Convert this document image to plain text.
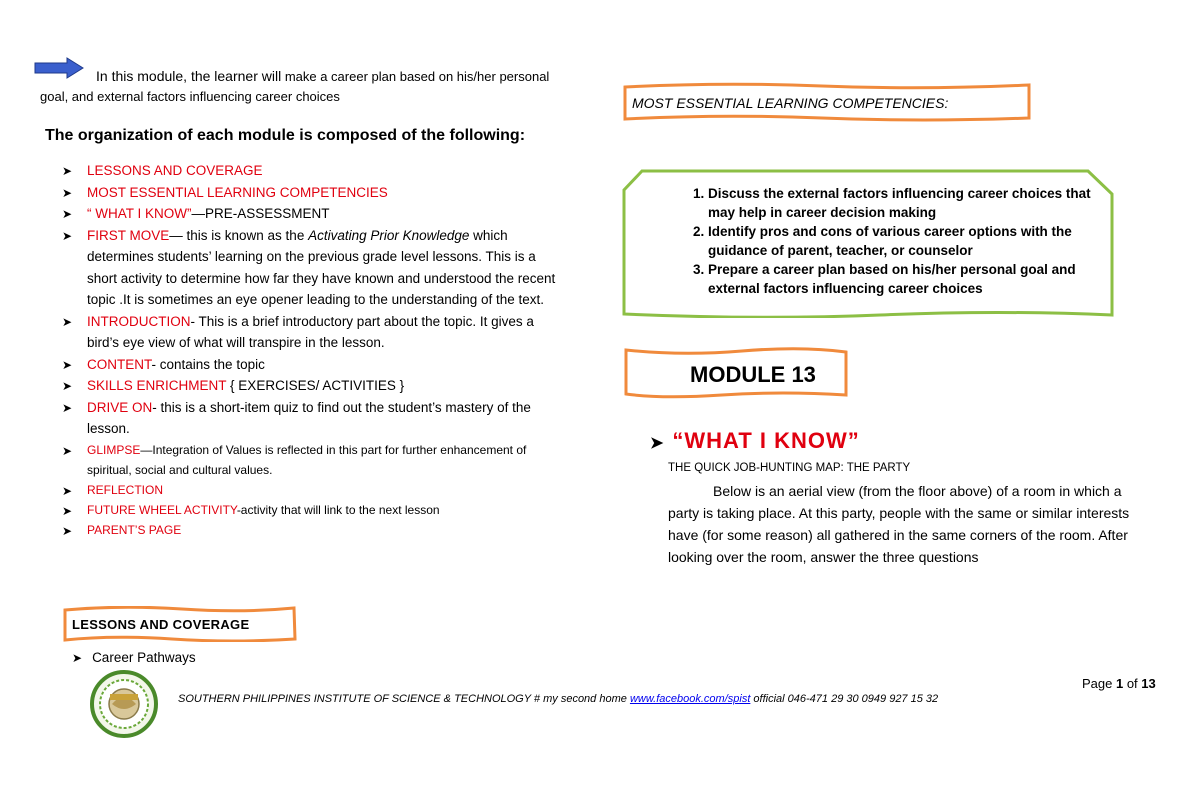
In this module, the learner will make a career plan based on his/her personal goal, and external factors influencing career choices
The organization of each module is composed of the following:
➤ LESSONS AND COVERAGE
➤ MOST ESSENTIAL LEARNING COMPETENCIES
➤ “ WHAT I KNOW”—PRE-ASSESSMENT
➤ FIRST MOVE— this is known as the Activating Prior Knowledge which determines students’ learning on the previous grade level lessons. This is a short activity to determine how far they have known and understood the recent topic .It is sometimes an eye opener leading to the understanding of the text.
➤ INTRODUCTION- This is a brief introductory part about the topic. It gives a bird’s eye view of what will transpire in the lesson.
➤ CONTENT- contains the topic
➤ SKILLS ENRICHMENT { EXERCISES/ ACTIVITIES }
➤ DRIVE ON- this is a short-item quiz to find out the student’s mastery of the lesson.
➤ GLIMPSE—Integration of Values is reflected in this part for further enhancement of spiritual, social and cultural values.
➤ REFLECTION
➤ FUTURE WHEEL ACTIVITY-activity that will link to the next lesson
➤ PARENT’S PAGE
LESSONS AND COVERAGE
➤ Career Pathways
MOST ESSENTIAL LEARNING COMPETENCIES:
1. Discuss the external factors influencing career choices that may help in career decision making
2. Identify pros and cons of various career options with the guidance of parent, teacher, or counselor
3. Prepare a career plan based on his/her personal goal and external factors influencing career choices
MODULE 13
➤ “WHAT I KNOW”
THE QUICK JOB-HUNTING MAP: THE PARTY
Below is an aerial view (from the floor above) of a room in which a party is taking place. At this party, people with the same or similar interests have (for some reason) all gathered in the same corners of the room. After looking over the room, answer the three questions
SOUTHERN PHILIPPINES INSTITUTE OF SCIENCE & TECHNOLOGY # my second home www.facebook.com/spist official 046-471 29 30 0949 927 15 32
Page 1 of 13
